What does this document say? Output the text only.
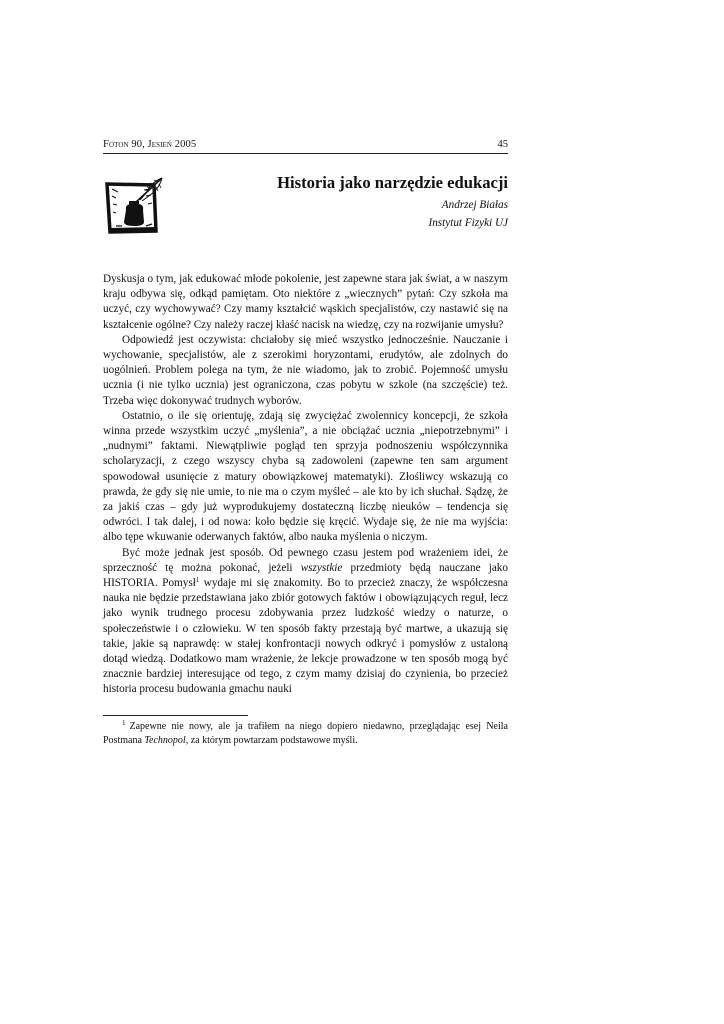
Foton 90, Jesień 2005	45
Historia jako narzędzie edukacji
Andrzej Białas
Instytut Fizyki UJ

Dyskusja o tym, jak edukować młode pokolenie, jest zapewne stara jak świat, a w naszym kraju odbywa się, odkąd pamiętam. Oto niektóre z „wiecznych” pytań: Czy szkoła ma uczyć, czy wychowywać? Czy mamy kształcić wąskich specjalistów, czy nastawić się na kształcenie ogólne? Czy należy raczej kłaść nacisk na wiedzę, czy na rozwijanie umysłu?

Odpowiedź jest oczywista: chciałoby się mieć wszystko jednocześnie. Nauczanie i wychowanie, specjalistów, ale z szerokimi horyzontami, erudytów, ale zdolnych do uogólnień. Problem polega na tym, że nie wiadomo, jak to zrobić. Pojemność umysłu ucznia (i nie tylko ucznia) jest ograniczona, czas pobytu w szkole (na szczęście) też. Trzeba więc dokonywać trudnych wyborów.

Ostatnio, o ile się orientuję, zdają się zwyciężać zwolennicy koncepcji, że szkoła winna przede wszystkim uczyć „myślenia”, a nie obciążać ucznia „niepotrzebnymi” i „nudnymi” faktami. Niewątpliwie pogląd ten sprzyja podnoszeniu współczynnika scholaryzacji, z czego wszyscy chyba są zadowoleni (zapewne ten sam argument spowodował usunięcie z matury obowiązkowej matematyki). Złośliwcy wskazują co prawda, że gdy się nie umie, to nie ma o czym myśleć – ale kto by ich słuchał. Sądzę, że za jakiś czas – gdy już wyprodukujemy dostateczną liczbę nieuków – tendencja się odwróci. I tak dalej, i od nowa: koło będzie się kręcić. Wydaje się, że nie ma wyjścia: albo tępe wkuwanie oderwanych faktów, albo nauka myślenia o niczym.

Być może jednak jest sposób. Od pewnego czasu jestem pod wrażeniem idei, że sprzeczność tę można pokonać, jeżeli wszystkie przedmioty będą nauczane jako HISTORIA. Pomysł$^1$ wydaje mi się znakomity. Bo to przecież znaczy, że współczesna nauka nie będzie przedstawiana jako zbiór gotowych faktów i obowiązujących reguł, lecz jako wynik trudnego procesu zdobywania przez ludzkość wiedzy o naturze, o społeczeństwie i o człowieku. W ten sposób fakty przestają być martwe, a ukazują się takie, jakie są naprawdę: w stałej konfrontacji nowych odkryć i pomysłów z ustaloną dotąd wiedzą. Dodatkowo mam wrażenie, że lekcje prowadzone w ten sposób mogą być znacznie bardziej interesujące od tego, z czym mamy dzisiaj do czynienia, bo przecież historia procesu budowania gmachu nauki

$^1$ Zapewne nie nowy, ale ja trafiłem na niego dopiero niedawno, przeglądając esej Neila Postmana Technopol, za którym powtarzam podstawowe myśli.
